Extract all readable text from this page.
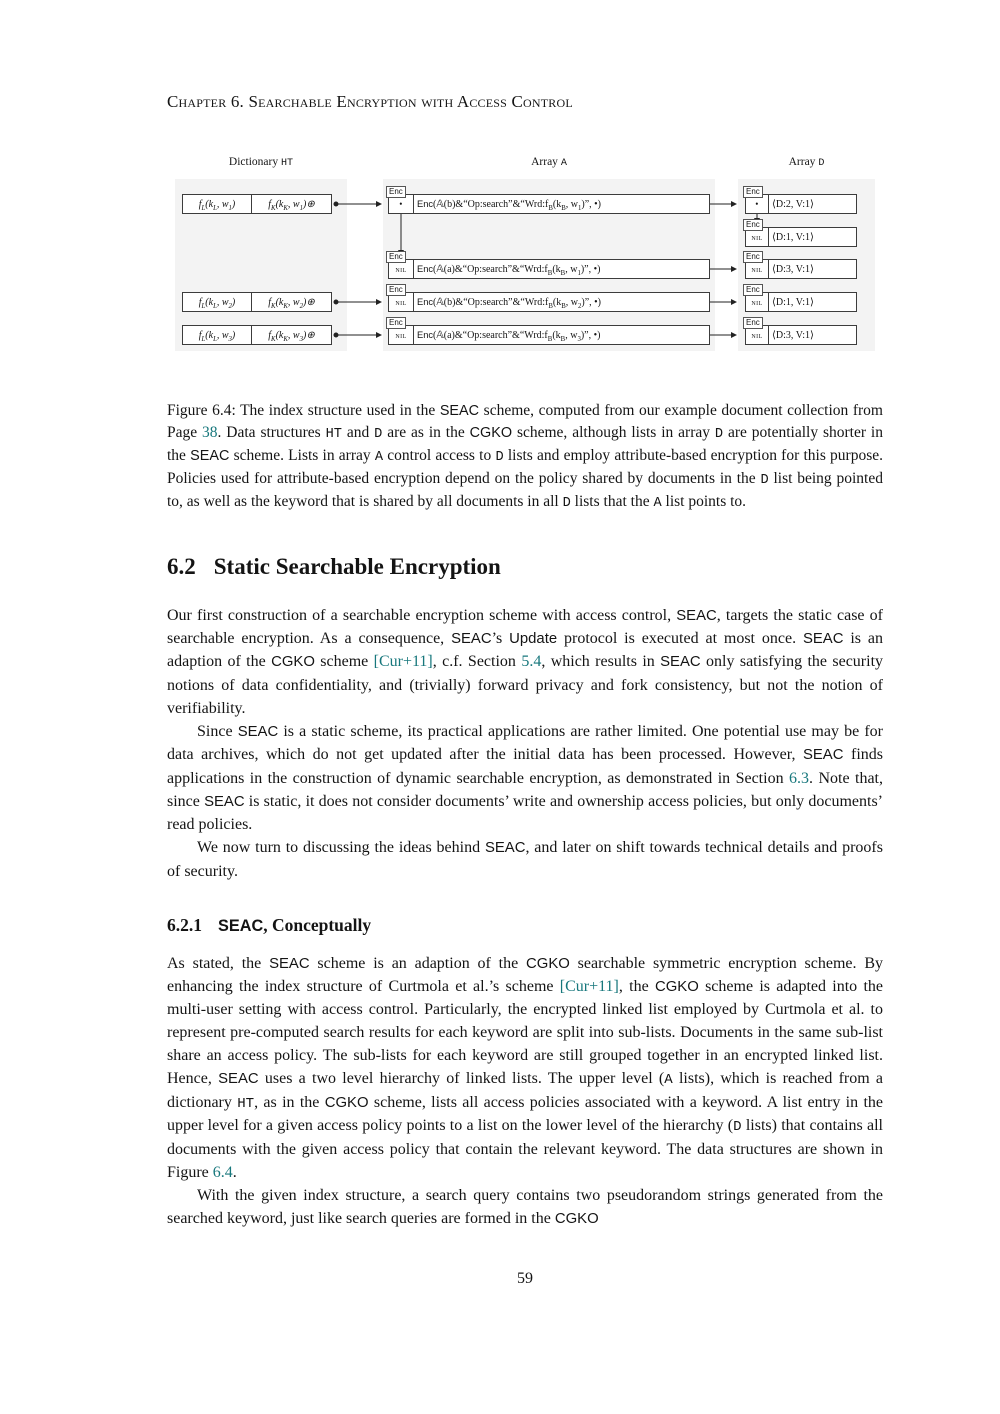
Chapter 6. Searchable Encryption with Access Control
Dictionary HT	Array A	Array D
$f_L(k_L$, $w_1$)	$f_K(k_K$, $w_1)\oplus$
$f_L(k_L$, $w_2$)	$f_K(k_K$, $w_2)\oplus$
$f_L(k_L$, $w_3$)	$f_K(k_K$, $w_3)\oplus$
Enc
•	Enc ($𝔸(b)\&“Op:search”\&“Wrd:f_B(k_B$, $w_1$)”, •)
Enc
nil	Enc ($𝔸(a)\&“Op:search”\&“Wrd:f_B(k_B$, $w_1$)”, •)
Enc
nil	Enc ($𝔸(b)\&“Op:search”\&“Wrd:f_B(k_B$, $w_2$)”, •)
Enc
nil	Enc ($𝔸(a)\&“Op:search”\&“Wrd:f_B(k_B$, $w_3$)”, •)
Enc
•	⟨D:2, V:1⟩
Enc
nil ⟨D:1, V:1⟩
Enc
nil ⟨D:3, V:1⟩
Enc
nil ⟨D:1, V:1⟩
Enc
nil ⟨D:3, V:1⟩

Figure 6.4: The index structure used in the SEAC scheme, computed from our example document collection from Page 38. Data structures HT and D are as in the CGKO scheme, although lists in array D are potentially shorter in the SEAC scheme. Lists in array A control access to D lists and employ attribute-based encryption for this purpose. Policies used for attribute-based encryption depend on the policy shared by documents in the D list being pointed to, as well as the keyword that is shared by all documents in all D lists that the A list points to.

6.2 Static Searchable Encryption

Our first construction of a searchable encryption scheme with access control, SEAC, targets the static case of searchable encryption. As a consequence, SEAC’s Update protocol is executed at most once. SEAC is an adaption of the CGKO scheme [Cur+11], c.f. Section 5.4, which results in SEAC only satisfying the security notions of data confidentiality, and (trivially) forward privacy and fork consistency, but not the notion of verifiability.

Since SEAC is a static scheme, its practical applications are rather limited. One potential use may be for data archives, which do not get updated after the initial data has been processed. However, SEAC finds applications in the construction of dynamic searchable encryption, as demonstrated in Section 6.3. Note that, since SEAC is static, it does not consider documents’ write and ownership access policies, but only documents’ read policies.

We now turn to discussing the ideas behind SEAC, and later on shift towards technical details and proofs of security.

6.2.1 SEAC, Conceptually

As stated, the SEAC scheme is an adaption of the CGKO searchable symmetric encryption scheme. By enhancing the index structure of Curtmola et al.’s scheme [Cur+11], the CGKO scheme is adapted into the multi-user setting with access control. Particularly, the encrypted linked list employed by Curtmola et al. to represent pre-computed search results for each keyword are split into sub-lists. Documents in the same sub-list share an access policy. The sub-lists for each keyword are still grouped together in an encrypted linked list. Hence, SEAC uses a two level hierarchy of linked lists. The upper level (A lists), which is reached from a dictionary HT, as in the CGKO scheme, lists all access policies associated with a keyword. A list entry in the upper level for a given access policy points to a list on the lower level of the hierarchy (D lists) that contains all documents with the given access policy that contain the relevant keyword. The data structures are shown in Figure 6.4.

With the given index structure, a search query contains two pseudorandom strings generated from the searched keyword, just like search queries are formed in the CGKO

59
